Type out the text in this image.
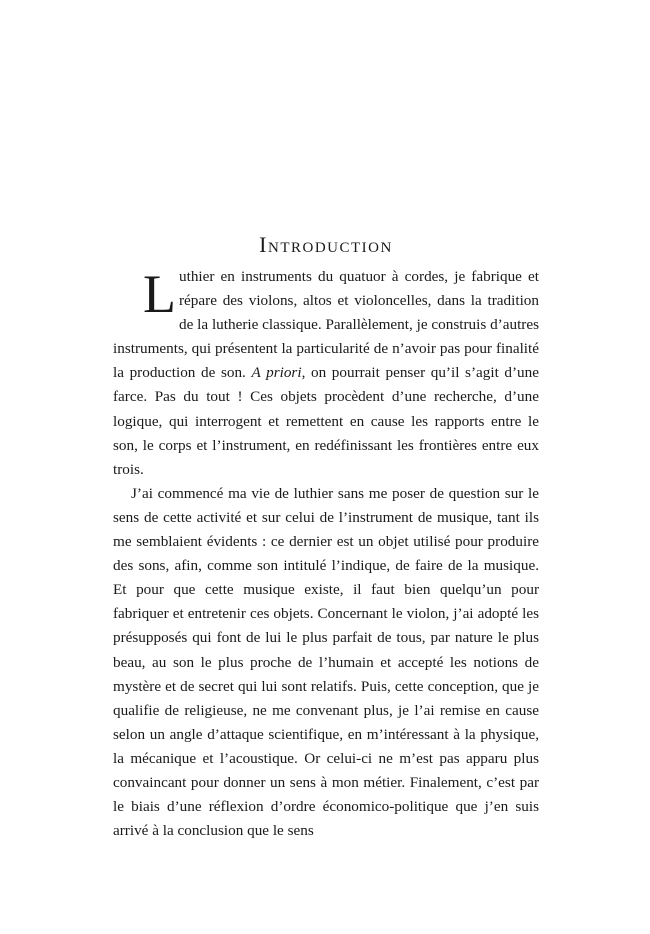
Introduction

Luthier en instruments du quatuor à cordes, je fabrique et répare des violons, altos et violoncelles, dans la tradition de la lutherie classique. Parallèlement, je construis d’autres instruments, qui présentent la particularité de n’avoir pas pour finalité la production de son. A priori, on pourrait penser qu’il s’agit d’une farce. Pas du tout ! Ces objets procèdent d’une recherche, d’une logique, qui interrogent et remettent en cause les rapports entre le son, le corps et l’instrument, en redéfinissant les frontières entre eux trois.

J’ai commencé ma vie de luthier sans me poser de question sur le sens de cette activité et sur celui de l’instrument de musique, tant ils me semblaient évidents : ce dernier est un objet utilisé pour produire des sons, afin, comme son intitulé l’indique, de faire de la musique. Et pour que cette musique existe, il faut bien quelqu’un pour fabriquer et entretenir ces objets. Concernant le violon, j’ai adopté les présupposés qui font de lui le plus parfait de tous, par nature le plus beau, au son le plus proche de l’humain et accepté les notions de mystère et de secret qui lui sont relatifs. Puis, cette conception, que je qualifie de religieuse, ne me convenant plus, je l’ai remise en cause selon un angle d’attaque scientifique, en m’intéressant à la physique, la mécanique et l’acoustique. Or celui-ci ne m’est pas apparu plus convaincant pour donner un sens à mon métier. Finalement, c’est par le biais d’une réflexion d’ordre économico-politique que j’en suis arrivé à la conclusion que le sens
